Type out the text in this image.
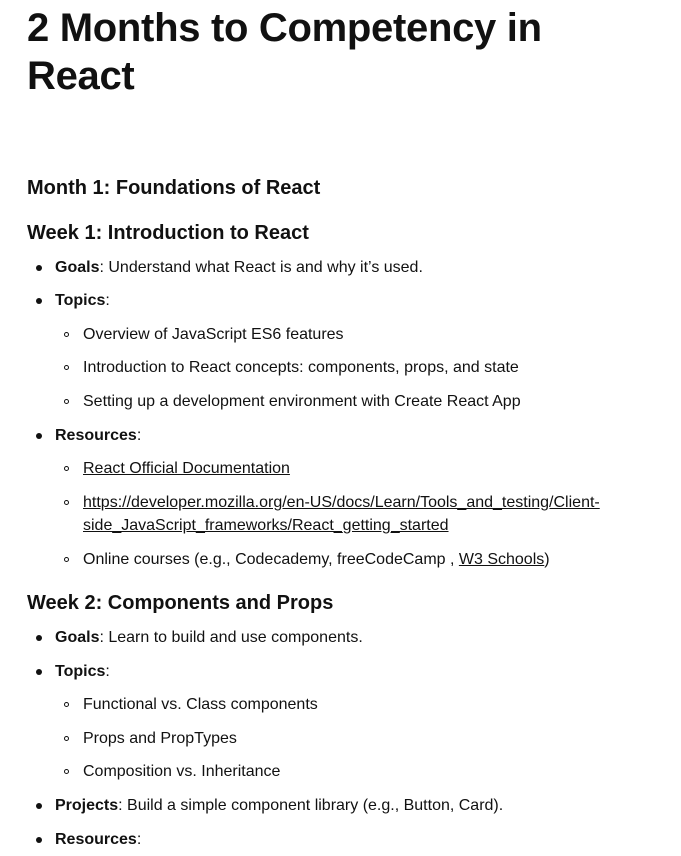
2 Months to Competency in React
Month 1: Foundations of React
Week 1: Introduction to React
Goals: Understand what React is and why it’s used.
Topics:
Overview of JavaScript ES6 features
Introduction to React concepts: components, props, and state
Setting up a development environment with Create React App
Resources:
React Official Documentation
https://developer.mozilla.org/en-US/docs/Learn/Tools_and_testing/Client-
side_JavaScript_frameworks/React_getting_started
Online courses (e.g., Codecademy, freeCodeCamp , W3 Schools)
Week 2: Components and Props
Goals: Learn to build and use components.
Topics:
Functional vs. Class components
Props and PropTypes
Composition vs. Inheritance
Projects: Build a simple component library (e.g., Button, Card).
Resources:
